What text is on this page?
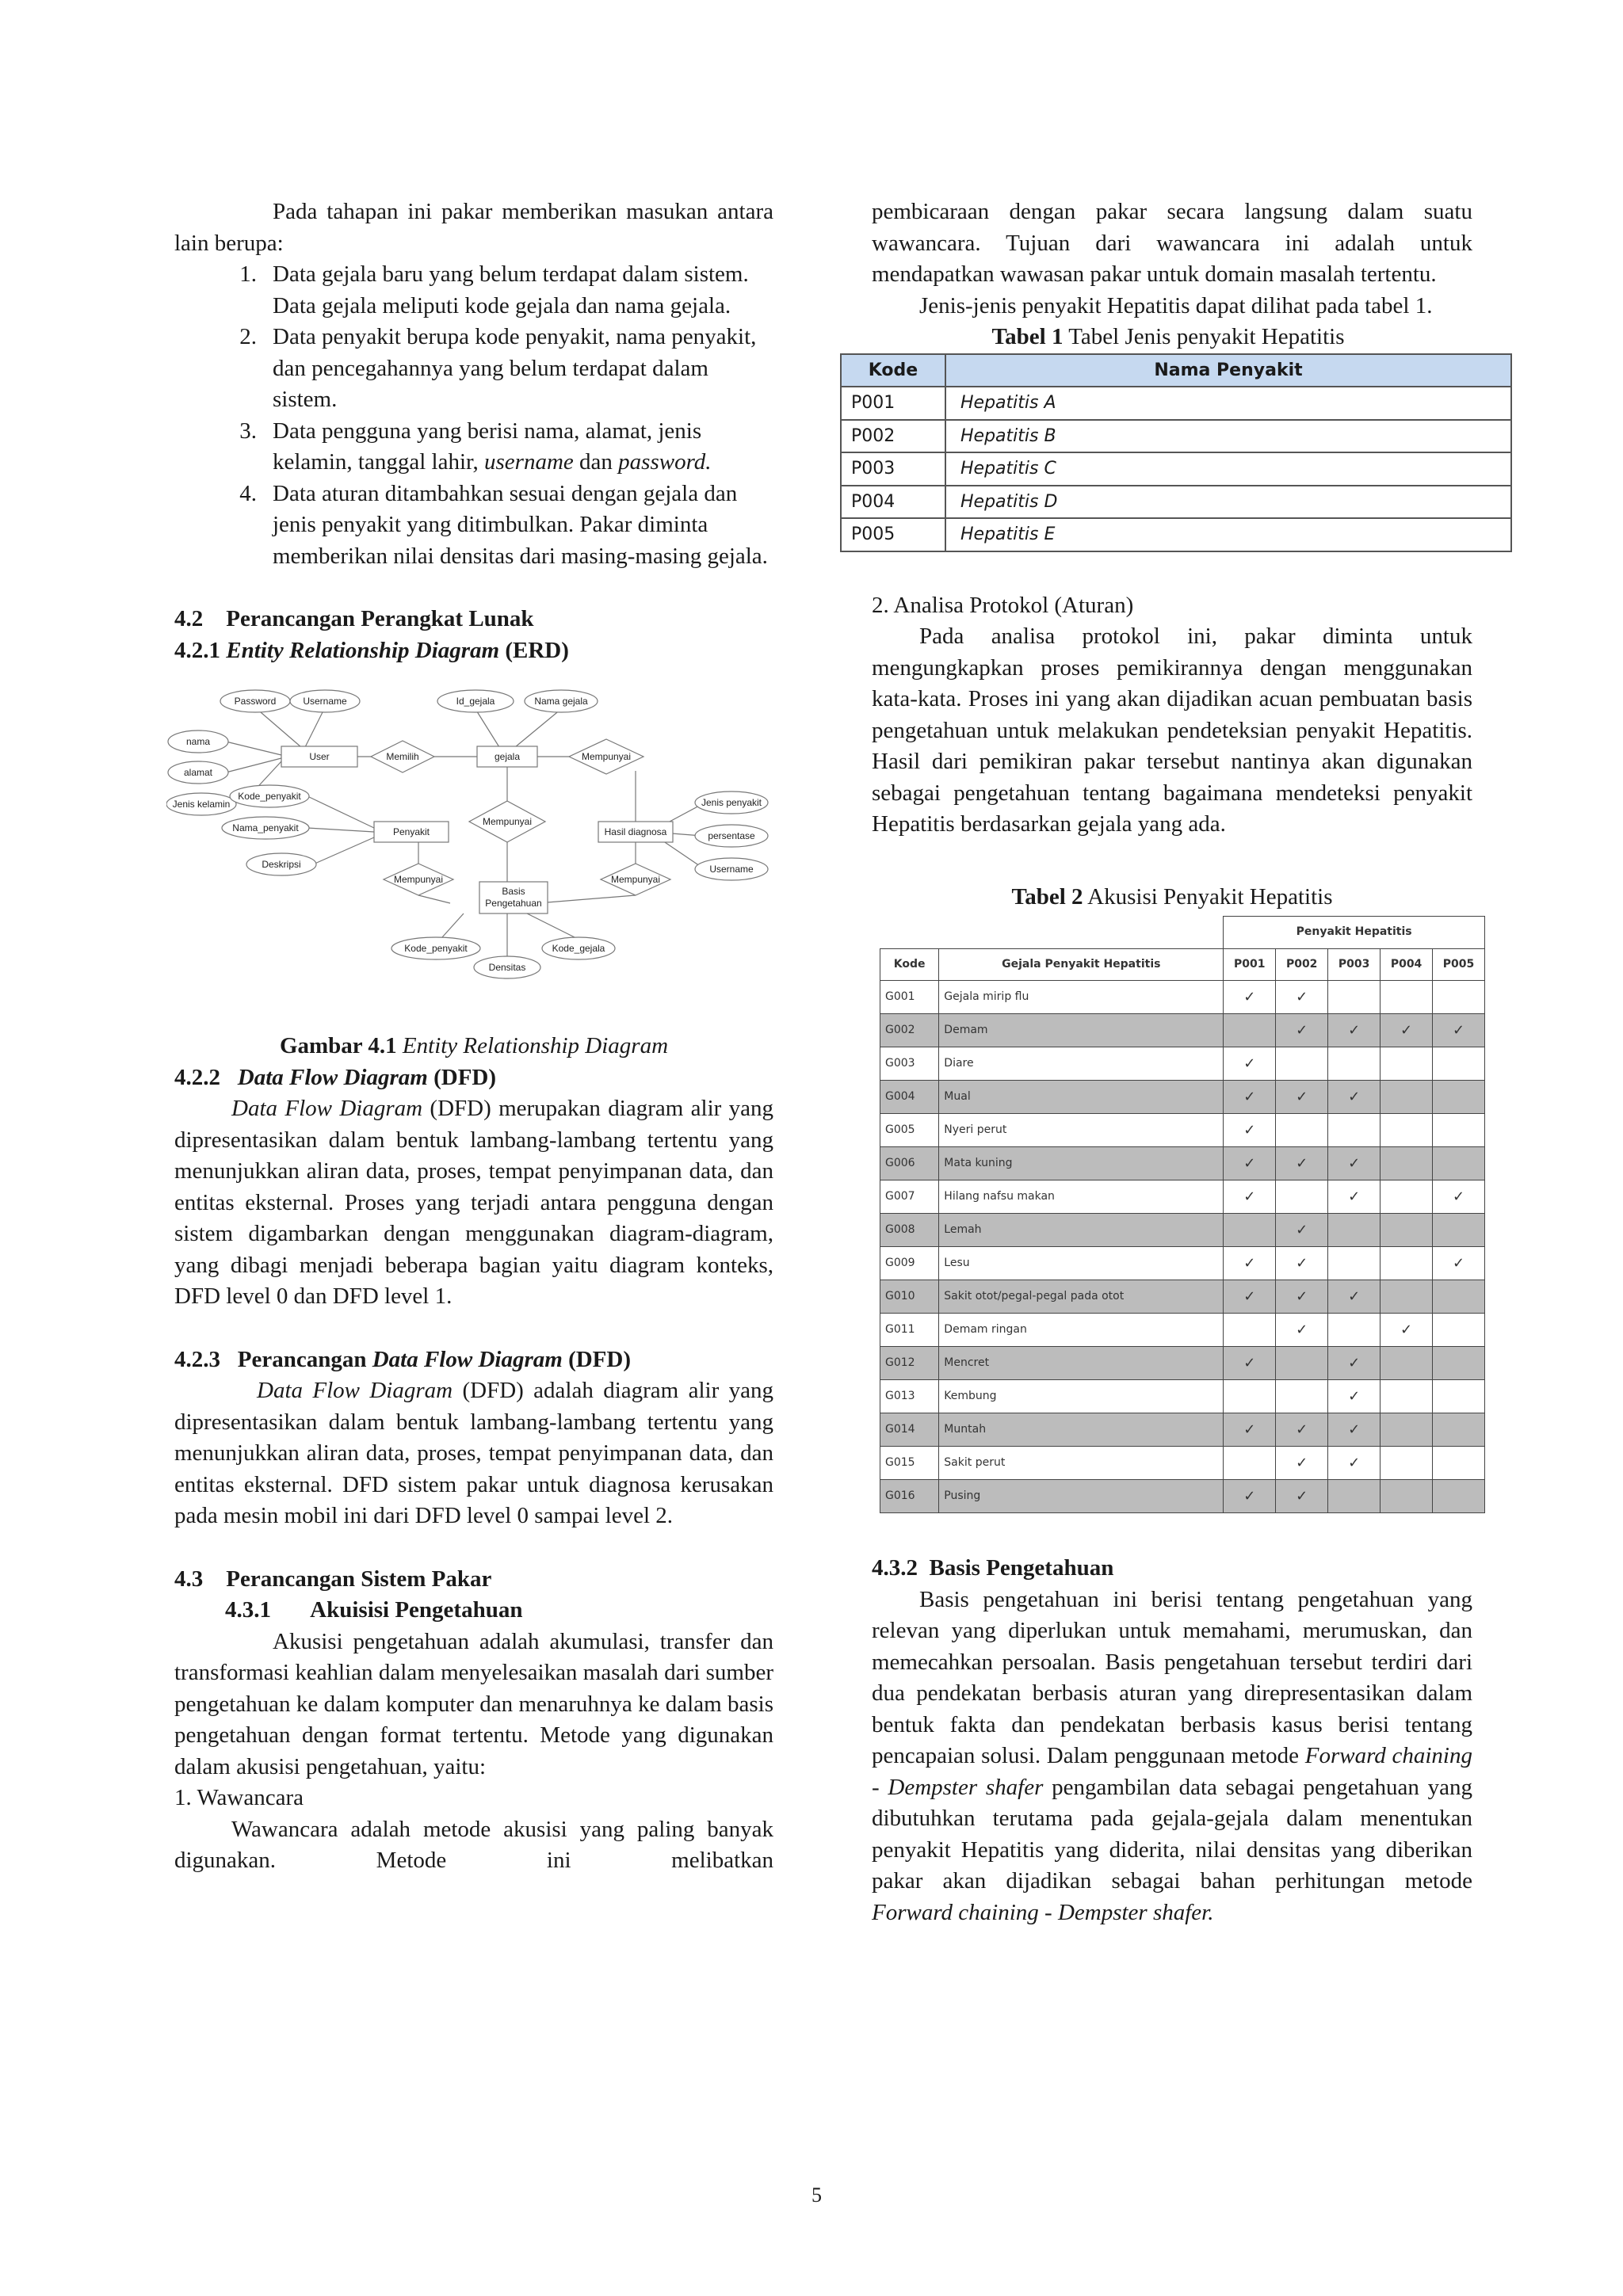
Pada tahapan ini pakar memberikan masukan antara lain berupa:

1. Data gejala baru yang belum terdapat dalam sistem. Data gejala meliputi kode gejala dan nama gejala.
2. Data penyakit berupa kode penyakit, nama penyakit, dan pencegahannya yang belum terdapat dalam sistem.
3. Data pengguna yang berisi nama, alamat, jenis kelamin, tanggal lahir, username dan password.
4. Data aturan ditambahkan sesuai dengan gejala dan jenis penyakit yang ditimbulkan. Pakar diminta memberikan nilai densitas dari masing-masing gejala.
4.2    Perancangan Perangkat Lunak
4.2.1 Entity Relationship Diagram (ERD)
Password	Username	Id_gejala	Nama gejala
nama
alamat
Jenis kelamin
User	Memilih	gejala	Mempunyai
Kode_penyakit
Nama_penyakit
Deskripsi
Penyakit
Mempunyai
Hasil diagnosa
Jenis penyakit
persentase
Username
Mempunyai
Basis
Pengetahuan
Mempunyai
Kode_penyakit	Kode_gejala
Densitas

Gambar 4.1 Entity Relationship Diagram

4.2.2   Data Flow Diagram (DFD)

Data Flow Diagram (DFD) merupakan diagram alir yang dipresentasikan dalam bentuk lambang-lambang tertentu yang menunjukkan aliran data, proses, tempat penyimpanan data, dan entitas eksternal. Proses yang terjadi antara pengguna dengan sistem digambarkan dengan menggunakan diagram-diagram, yang dibagi menjadi beberapa bagian yaitu diagram konteks, DFD level 0 dan DFD level 1.

4.2.3   Perancangan Data Flow Diagram (DFD)

Data Flow Diagram (DFD) adalah diagram alir yang dipresentasikan dalam bentuk lambang-lambang tertentu yang menunjukkan aliran data, proses, tempat penyimpanan data, dan entitas eksternal. DFD sistem pakar untuk diagnosa kerusakan pada mesin mobil ini dari DFD level 0 sampai level 2.

4.3    Perancangan Sistem Pakar
4.3.1       Akuisisi Pengetahuan

Akusisi pengetahuan adalah akumulasi, transfer dan transformasi keahlian dalam menyelesaikan masalah dari sumber pengetahuan ke dalam komputer dan menaruhnya ke dalam basis pengetahuan dengan format tertentu. Metode yang digunakan dalam akusisi pengetahuan, yaitu:

1. Wawancara

Wawancara adalah metode akusisi yang paling banyak digunakan. Metode ini melibatkan

pembicaraan dengan pakar secara langsung dalam suatu wawancara. Tujuan dari wawancara ini adalah untuk mendapatkan wawasan pakar untuk domain masalah tertentu.

Jenis-jenis penyakit Hepatitis dapat dilihat pada tabel 1.

Tabel 1 Tabel Jenis penyakit Hepatitis

Kode	Nama Penyakit
P001	Hepatitis A
P002	Hepatitis B
P003	Hepatitis C
P004	Hepatitis D
P005	Hepatitis E

2. Analisa Protokol (Aturan)

Pada analisa protokol ini, pakar diminta untuk mengungkapkan proses pemikirannya dengan menggunakan kata-kata. Proses ini yang akan dijadikan acuan pembuatan basis pengetahuan untuk melakukan pendeteksian penyakit Hepatitis. Hasil dari pemikiran pakar tersebut nantinya akan digunakan sebagai pengetahuan tentang bagaimana mendeteksi penyakit Hepatitis berdasarkan gejala yang ada.

Tabel 2 Akusisi Penyakit Hepatitis

		Penyakit Hepatitis				
Kode	Gejala Penyakit Hepatitis	P001	P002	P003	P004	P005
G001	Gejala mirip flu	✓	✓			
G002	Demam		✓	✓	✓	✓
G003	Diare	✓				
G004	Mual	✓	✓	✓		
G005	Nyeri perut	✓				
G006	Mata kuning	✓	✓	✓		
G007	Hilang nafsu makan	✓		✓		✓
G008	Lemah		✓			
G009	Lesu	✓	✓			✓
G010	Sakit otot/pegal-pegal pada otot	✓	✓	✓		
G011	Demam ringan		✓		✓	
G012	Mencret	✓		✓		
G013	Kembung			✓		
G014	Muntah	✓	✓	✓		
G015	Sakit perut		✓	✓		
G016	Pusing	✓	✓			
4.3.2  Basis Pengetahuan

Basis pengetahuan ini berisi tentang pengetahuan yang relevan yang diperlukan untuk memahami, merumuskan, dan memecahkan persoalan. Basis pengetahuan tersebut terdiri dari dua pendekatan berbasis aturan yang direpresentasikan dalam bentuk fakta dan pendekatan berbasis kasus berisi tentang pencapaian solusi. Dalam penggunaan metode Forward chaining - Dempster shafer pengambilan data sebagai pengetahuan yang dibutuhkan terutama pada gejala-gejala dalam menentukan penyakit Hepatitis yang diderita, nilai densitas yang diberikan pakar akan dijadikan sebagai bahan perhitungan metode Forward chaining - Dempster shafer.

5
